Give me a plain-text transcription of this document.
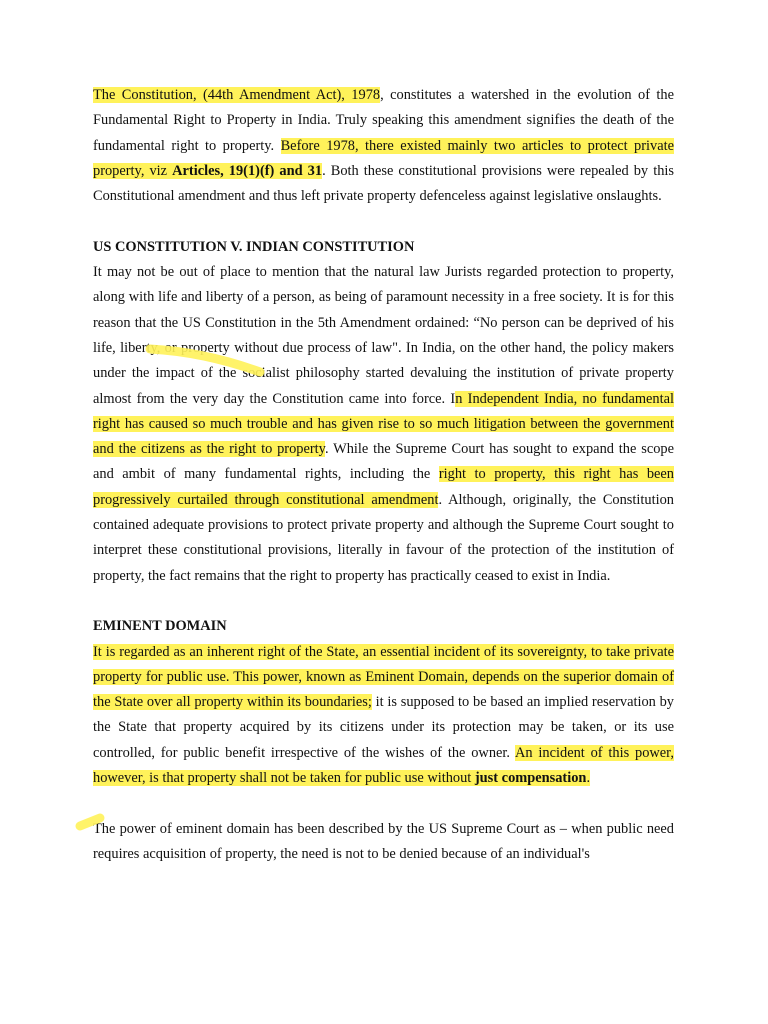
The Constitution, (44th Amendment Act), 1978, constitutes a watershed in the evolution of the Fundamental Right to Property in India. Truly speaking this amendment signifies the death of the fundamental right to property. Before 1978, there existed mainly two articles to protect private property, viz Articles, 19(1)(f) and 31. Both these constitutional provisions were repealed by this Constitutional amendment and thus left private property defenceless against legislative onslaughts.

US CONSTITUTION V. INDIAN CONSTITUTION

It may not be out of place to mention that the natural law Jurists regarded protection to property, along with life and liberty of a person, as being of paramount necessity in a free society. It is for this reason that the US Constitution in the 5th Amendment ordained: “No person can be deprived of his life, liberty, or property without due process of law". In India, on the other hand, the policy makers under the impact of the socialist philosophy started devaluing the institution of private property almost from the very day the Constitution came into force. In Independent India, no fundamental right has caused so much trouble and has given rise to so much litigation between the government and the citizens as the right to property. While the Supreme Court has sought to expand the scope and ambit of many fundamental rights, including the right to property, this right has been progressively curtailed through constitutional amendment. Although, originally, the Constitution contained adequate provisions to protect private property and although the Supreme Court sought to interpret these constitutional provisions, literally in favour of the protection of the institution of property, the fact remains that the right to property has practically ceased to exist in India.

EMINENT DOMAIN

It is regarded as an inherent right of the State, an essential incident of its sovereignty, to take private property for public use. This power, known as Eminent Domain, depends on the superior domain of the State over all property within its boundaries; it is supposed to be based an implied reservation by the State that property acquired by its citizens under its protection may be taken, or its use controlled, for public benefit irrespective of the wishes of the owner. An incident of this power, however, is that property shall not be taken for public use without just compensation.

The power of eminent domain has been described by the US Supreme Court as – when public need requires acquisition of property, the need is not to be denied because of an individual's
